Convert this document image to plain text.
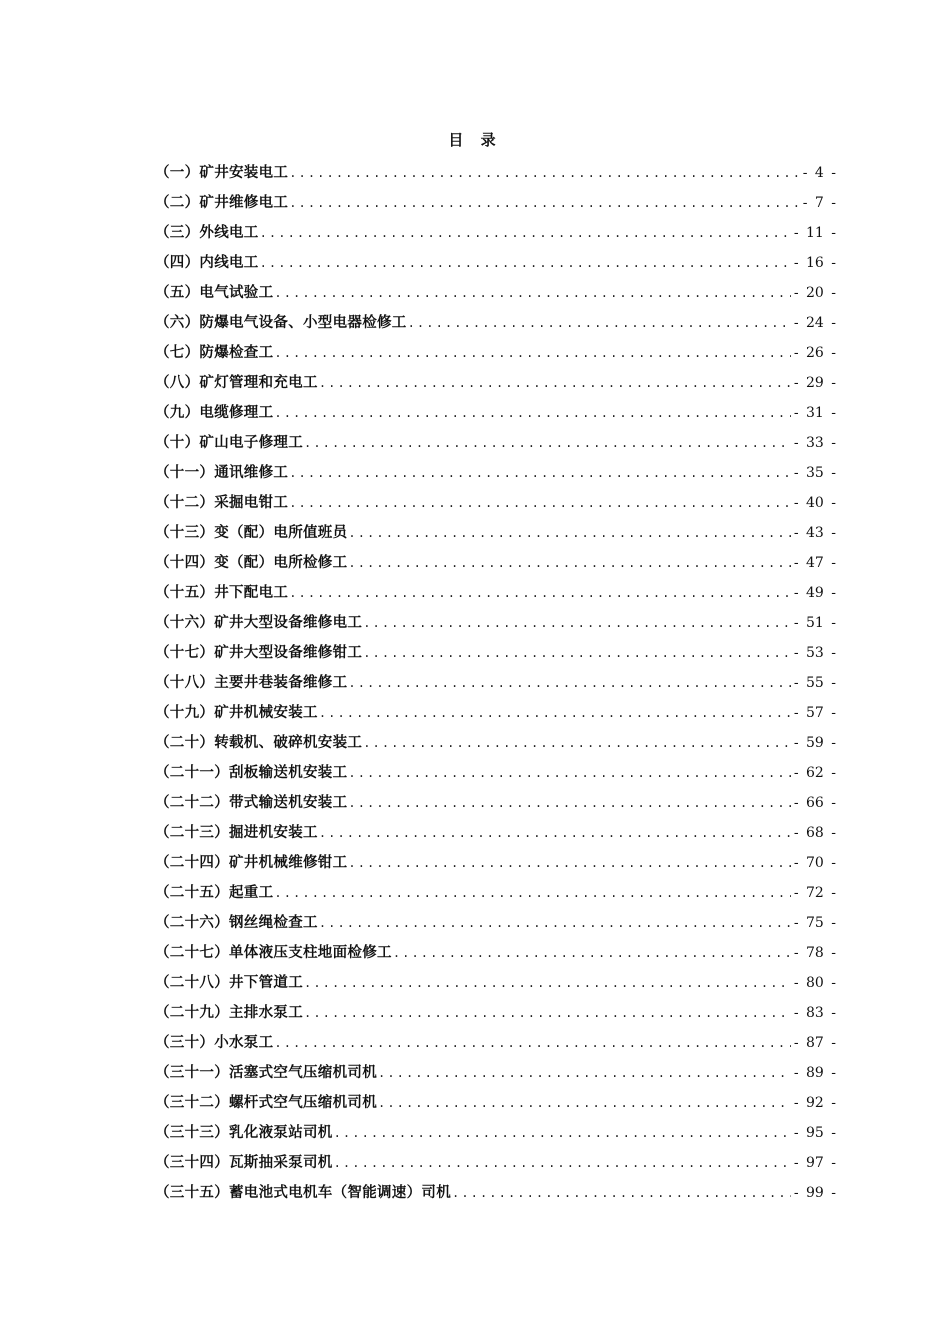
目 录
（一）矿井安装电工 .....	- 4 -
（二）矿井维修电工 .....	- 7 -
（三）外线电工 .....	- 11 -
（四）内线电工 .....	- 16 -
（五）电气试验工 .....	- 20 -
（六）防爆电气设备、小型电器检修工 .....	- 24 -
（七）防爆检查工 .....	- 26 -
（八）矿灯管理和充电工 .....	- 29 -
（九）电缆修理工 .....	- 31 -
（十）矿山电子修理工 .....	- 33 -
（十一）通讯维修工 .....	- 35 -
（十二）采掘电钳工 .....	- 40 -
（十三）变（配）电所值班员 .....	- 43 -
（十四）变（配）电所检修工 .....	- 47 -
（十五）井下配电工 .....	- 49 -
（十六）矿井大型设备维修电工 .....	- 51 -
（十七）矿井大型设备维修钳工 .....	- 53 -
（十八）主要井巷装备维修工 .....	- 55 -
（十九）矿井机械安装工 .....	- 57 -
（二十）转载机、破碎机安装工 .....	- 59 -
（二十一）刮板输送机安装工 .....	- 62 -
（二十二）带式输送机安装工 .....	- 66 -
（二十三）掘进机安装工 .....	- 68 -
（二十四）矿井机械维修钳工 .....	- 70 -
（二十五）起重工 .....	- 72 -
（二十六）钢丝绳检查工 .....	- 75 -
（二十七）单体液压支柱地面检修工 .....	- 78 -
（二十八）井下管道工 .....	- 80 -
（二十九）主排水泵工 .....	- 83 -
（三十）小水泵工 .....	- 87 -
（三十一）活塞式空气压缩机司机 .....	- 89 -
（三十二）螺杆式空气压缩机司机 .....	- 92 -
（三十三）乳化液泵站司机 .....	- 95 -
（三十四）瓦斯抽采泵司机 .....	- 97 -
（三十五）蓄电池式电机车（智能调速）司机 .....	- 99 -
